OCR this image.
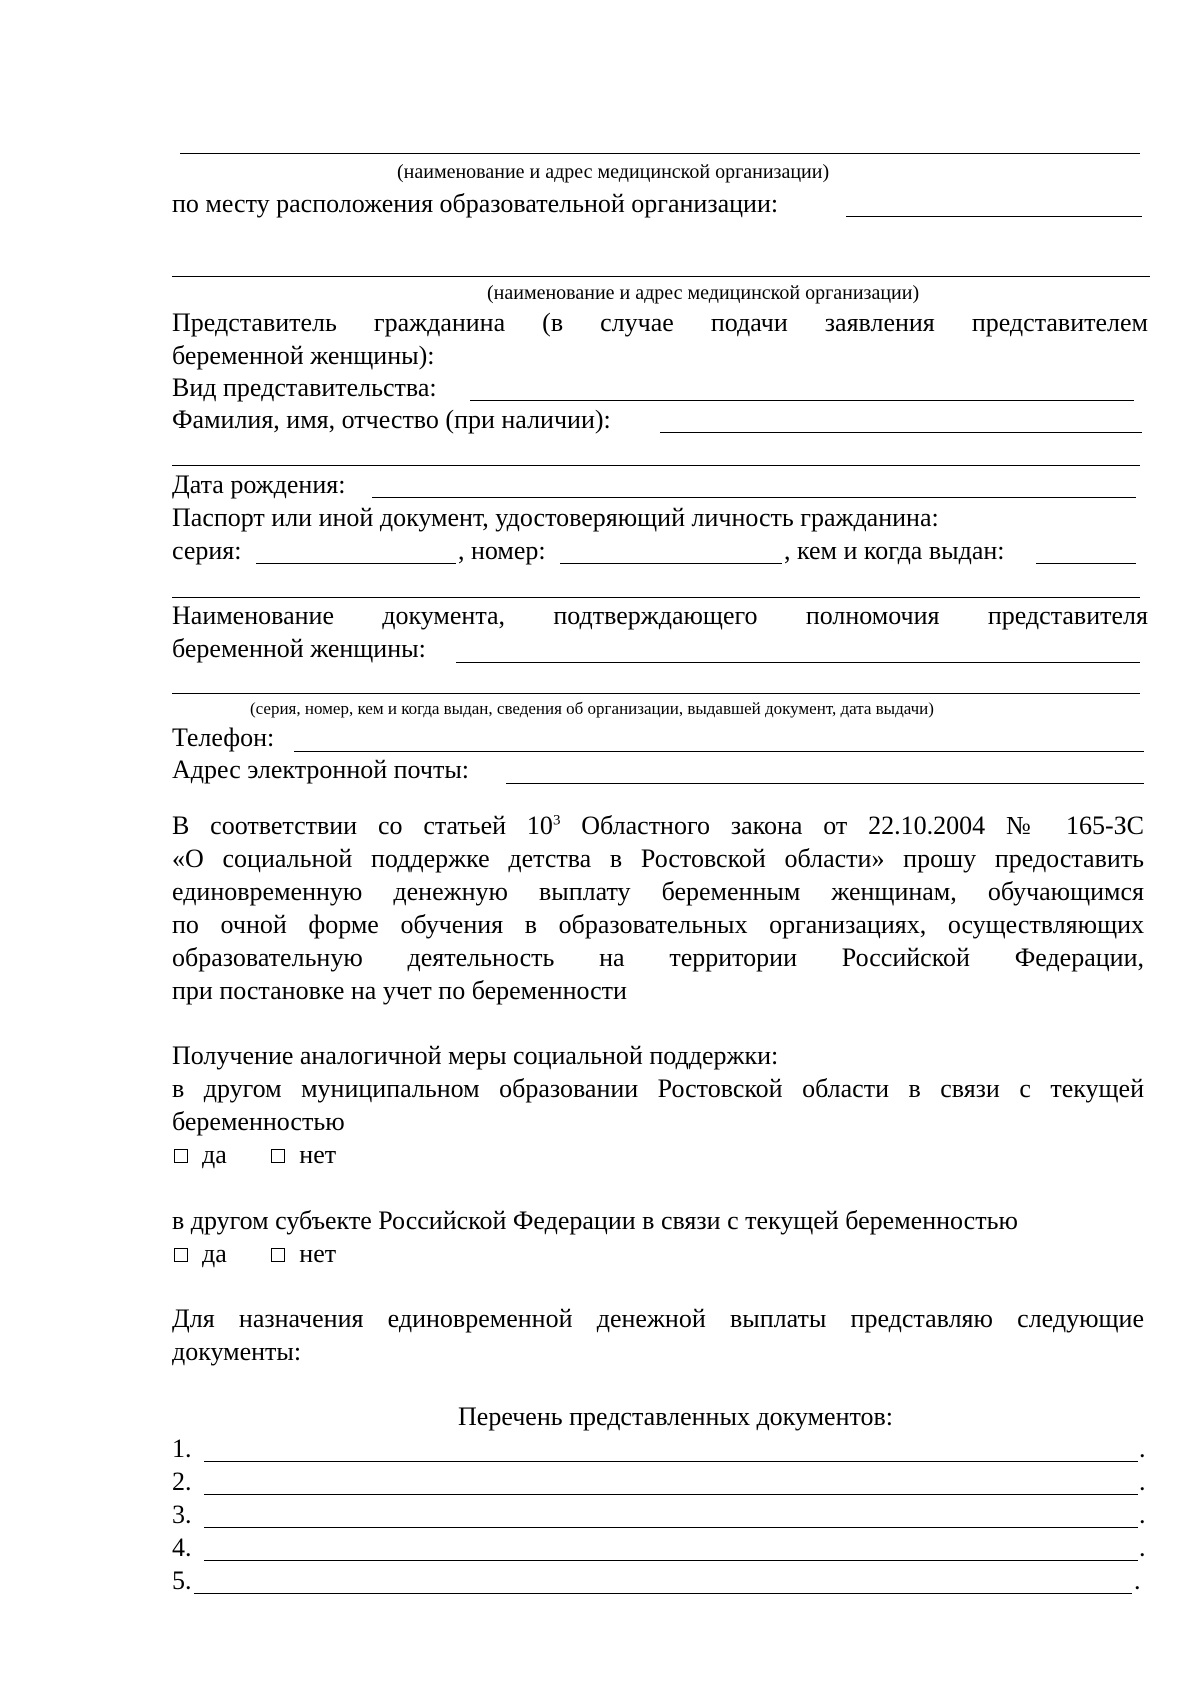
(наименование и адрес медицинской организации)
по месту расположения образовательной организации:
(наименование и адрес медицинской организации)
Представитель гражданина (в случае подачи заявления представителем
беременной женщины):
Вид представительства:
Фамилия, имя, отчество (при наличии):
Дата рождения:
Паспорт или иной документ, удостоверяющий личность гражданина:
серия:	, номер:	, кем и когда выдан:
Наименование документа, подтверждающего полномочия представителя
беременной женщины:
(серия, номер, кем и когда выдан, сведения об организации, выдавшей документ, дата выдачи)
Телефон:
Адрес электронной почты:
В соответствии со статьей $10^3$ Областного закона от 22.10.2004 № 165-ЗС
«О социальной поддержке детства в Ростовской области» прошу предоставить
единовременную денежную выплату беременным женщинам, обучающимся
по очной форме обучения в образовательных организациях, осуществляющих
образовательную деятельность на территории Российской Федерации,
при постановке на учет по беременности
Получение аналогичной меры социальной поддержки:
в другом муниципальном образовании Ростовской области в связи с текущей
беременностью
да
	нет
в другом субъекте Российской Федерации в связи с текущей беременностью
да
	нет
Для назначения единовременной денежной выплаты представляю следующие
документы:
Перечень представленных документов:
1.	.
2.	.
3.	.
4.	.
5.	.
